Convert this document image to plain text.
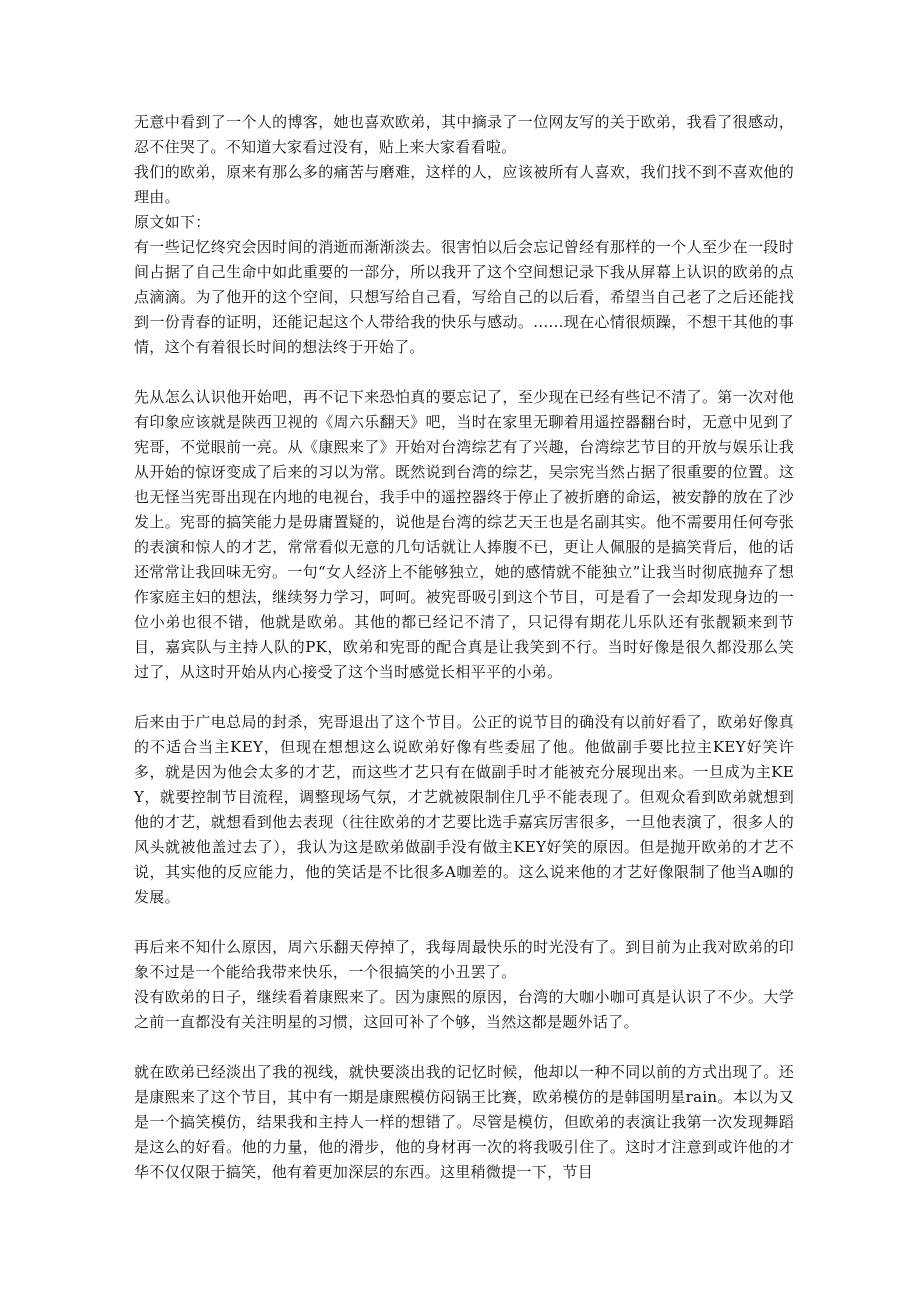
无意中看到了一个人的博客，她也喜欢欧弟，其中摘录了一位网友写的关于欧弟，我看了很感动，忍不住哭了。不知道大家看过没有，贴上来大家看看啦。

我们的欧弟，原来有那么多的痛苦与磨难，这样的人，应该被所有人喜欢，我们找不到不喜欢他的理由。

原文如下：

有一些记忆终究会因时间的消逝而渐渐淡去。很害怕以后会忘记曾经有那样的一个人至少在一段时间占据了自己生命中如此重要的一部分，所以我开了这个空间想记录下我从屏幕上认识的欧弟的点点滴滴。为了他开的这个空间，只想写给自己看，写给自己的以后看，希望当自己老了之后还能找到一份青春的证明，还能记起这个人带给我的快乐与感动。......现在心情很烦躁，不想干其他的事情，这个有着很长时间的想法终于开始了。

先从怎么认识他开始吧，再不记下来恐怕真的要忘记了，至少现在已经有些记不清了。第一次对他有印象应该就是陕西卫视的《周六乐翻天》吧，当时在家里无聊着用遥控器翻台时，无意中见到了宪哥，不觉眼前一亮。从《康熙来了》开始对台湾综艺有了兴趣，台湾综艺节目的开放与娱乐让我从开始的惊讶变成了后来的习以为常。既然说到台湾的综艺，吴宗宪当然占据了很重要的位置。这也无怪当宪哥出现在内地的电视台，我手中的遥控器终于停止了被折磨的命运，被安静的放在了沙发上。宪哥的搞笑能力是毋庸置疑的，说他是台湾的综艺天王也是名副其实。他不需要用任何夸张的表演和惊人的才艺，常常看似无意的几句话就让人捧腹不已，更让人佩服的是搞笑背后，他的话还常常让我回味无穷。一句“女人经济上不能够独立，她的感情就不能独立”让我当时彻底抛弃了想作家庭主妇的想法，继续努力学习，呵呵。被宪哥吸引到这个节目，可是看了一会却发现身边的一位小弟也很不错，他就是欧弟。其他的都已经记不清了，只记得有期花儿乐队还有张靓颖来到节目，嘉宾队与主持人队的PK，欧弟和宪哥的配合真是让我笑到不行。当时好像是很久都没那么笑过了，从这时开始从内心接受了这个当时感觉长相平平的小弟。

后来由于广电总局的封杀，宪哥退出了这个节目。公正的说节目的确没有以前好看了，欧弟好像真的不适合当主KEY，但现在想想这么说欧弟好像有些委屈了他。他做副手要比拉主KEY好笑许多，就是因为他会太多的才艺，而这些才艺只有在做副手时才能被充分展现出来。一旦成为主KEY，就要控制节目流程，调整现场气氛，才艺就被限制住几乎不能表现了。但观众看到欧弟就想到他的才艺，就想看到他去表现（往往欧弟的才艺要比选手嘉宾厉害很多，一旦他表演了，很多人的风头就被他盖过去了），我认为这是欧弟做副手没有做主KEY好笑的原因。但是抛开欧弟的才艺不说，其实他的反应能力，他的笑话是不比很多A咖差的。这么说来他的才艺好像限制了他当A咖的发展。

再后来不知什么原因，周六乐翻天停掉了，我每周最快乐的时光没有了。到目前为止我对欧弟的印象不过是一个能给我带来快乐，一个很搞笑的小丑罢了。

没有欧弟的日子，继续看着康熙来了。因为康熙的原因，台湾的大咖小咖可真是认识了不少。大学之前一直都没有关注明星的习惯，这回可补了个够，当然这都是题外话了。

就在欧弟已经淡出了我的视线，就快要淡出我的记忆时候，他却以一种不同以前的方式出现了。还是康熙来了这个节目，其中有一期是康熙模仿闷锅王比赛，欧弟模仿的是韩国明星rain。本以为又是一个搞笑模仿，结果我和主持人一样的想错了。尽管是模仿，但欧弟的表演让我第一次发现舞蹈是这么的好看。他的力量，他的滑步，他的身材再一次的将我吸引住了。这时才注意到或许他的才华不仅仅限于搞笑，他有着更加深层的东西。这里稍微提一下，节目
